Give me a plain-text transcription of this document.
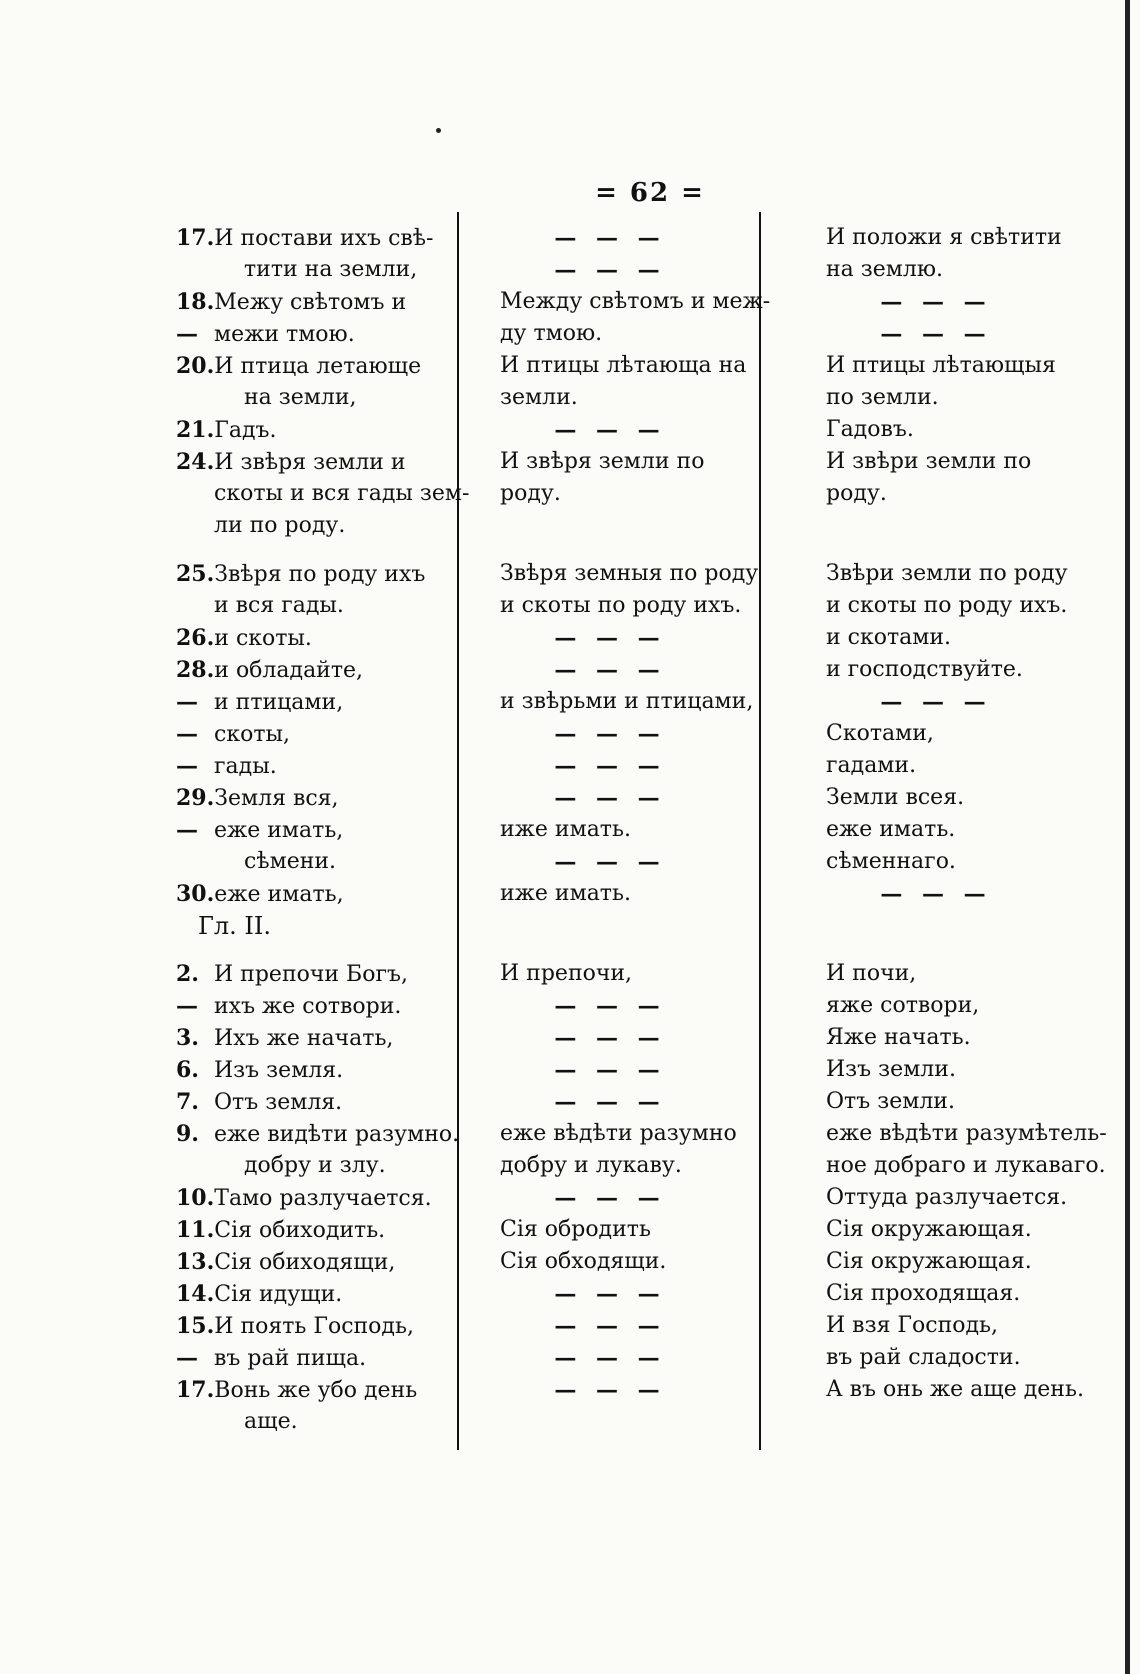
= 62 =
17.И постави ихъ свѣ-
тити на земли,
18.Межу свѣтомъ и
— межи тмою.
20.И птица летающе
на земли,
21.Гадъ.
24.И звѣря земли и
скоты и вся гады зем-
ли по роду.
25.Звѣря по роду ихъ
и вся гады.
26.и скоты.
28.и обладайте,
— и птицами,
— скоты,
— гады.
29.Земля вся,
— еже имать,
сѣмени.
30.еже имать,
Гл. II.
2. И препочи Богъ,
— ихъ же сотвори.
3. Ихъ же начать,
6. Изъ земля.
7. Отъ земля.
9. еже видѣти разумно.
добру и злу.
10.Тамо разлучается.
11.Сія обиходить.
13.Сія обиходящи,
14.Сія идущи.
15.И поять Господь,
— въ рай пища.
17.Вонь же убо день
аще.
— — —
— — —
Между свѣтомъ и меж-
ду тмою.
И птицы лѣтающа на
земли.
— — —
И звѣря земли по
роду.
Звѣря земныя по роду
и скоты по роду ихъ.
— — —
— — —
и звѣрьми и птицами,
— — —
— — —
— — —
иже имать.
— — —
иже имать.
И препочи,
— — —
— — —
— — —
— — —
еже вѣдѣти разумно
добру и лукаву.
— — —
Сія обродить
Сія обходящи.
— — —
— — —
— — —
— — —
И положи я свѣтити
на землю.
— — —
— — —
И птицы лѣтающыя
по земли.
Гадовъ.
И звѣри земли по
роду.
Звѣри земли по роду
и скоты по роду ихъ.
и скотами.
и господствуйте.
— — —
Скотами,
гадами.
Земли всея.
еже имать.
сѣменнаго.
— — —
И почи,
яже сотвори,
Яже начать.
Изъ земли.
Отъ земли.
еже вѣдѣти разумѣтель-
ное добраго и лукаваго.
Оттуда разлучается.
Сія окружающая.
Сія окружающая.
Сія проходящая.
И взя Господь,
въ рай сладости.
А въ онь же аще день.
